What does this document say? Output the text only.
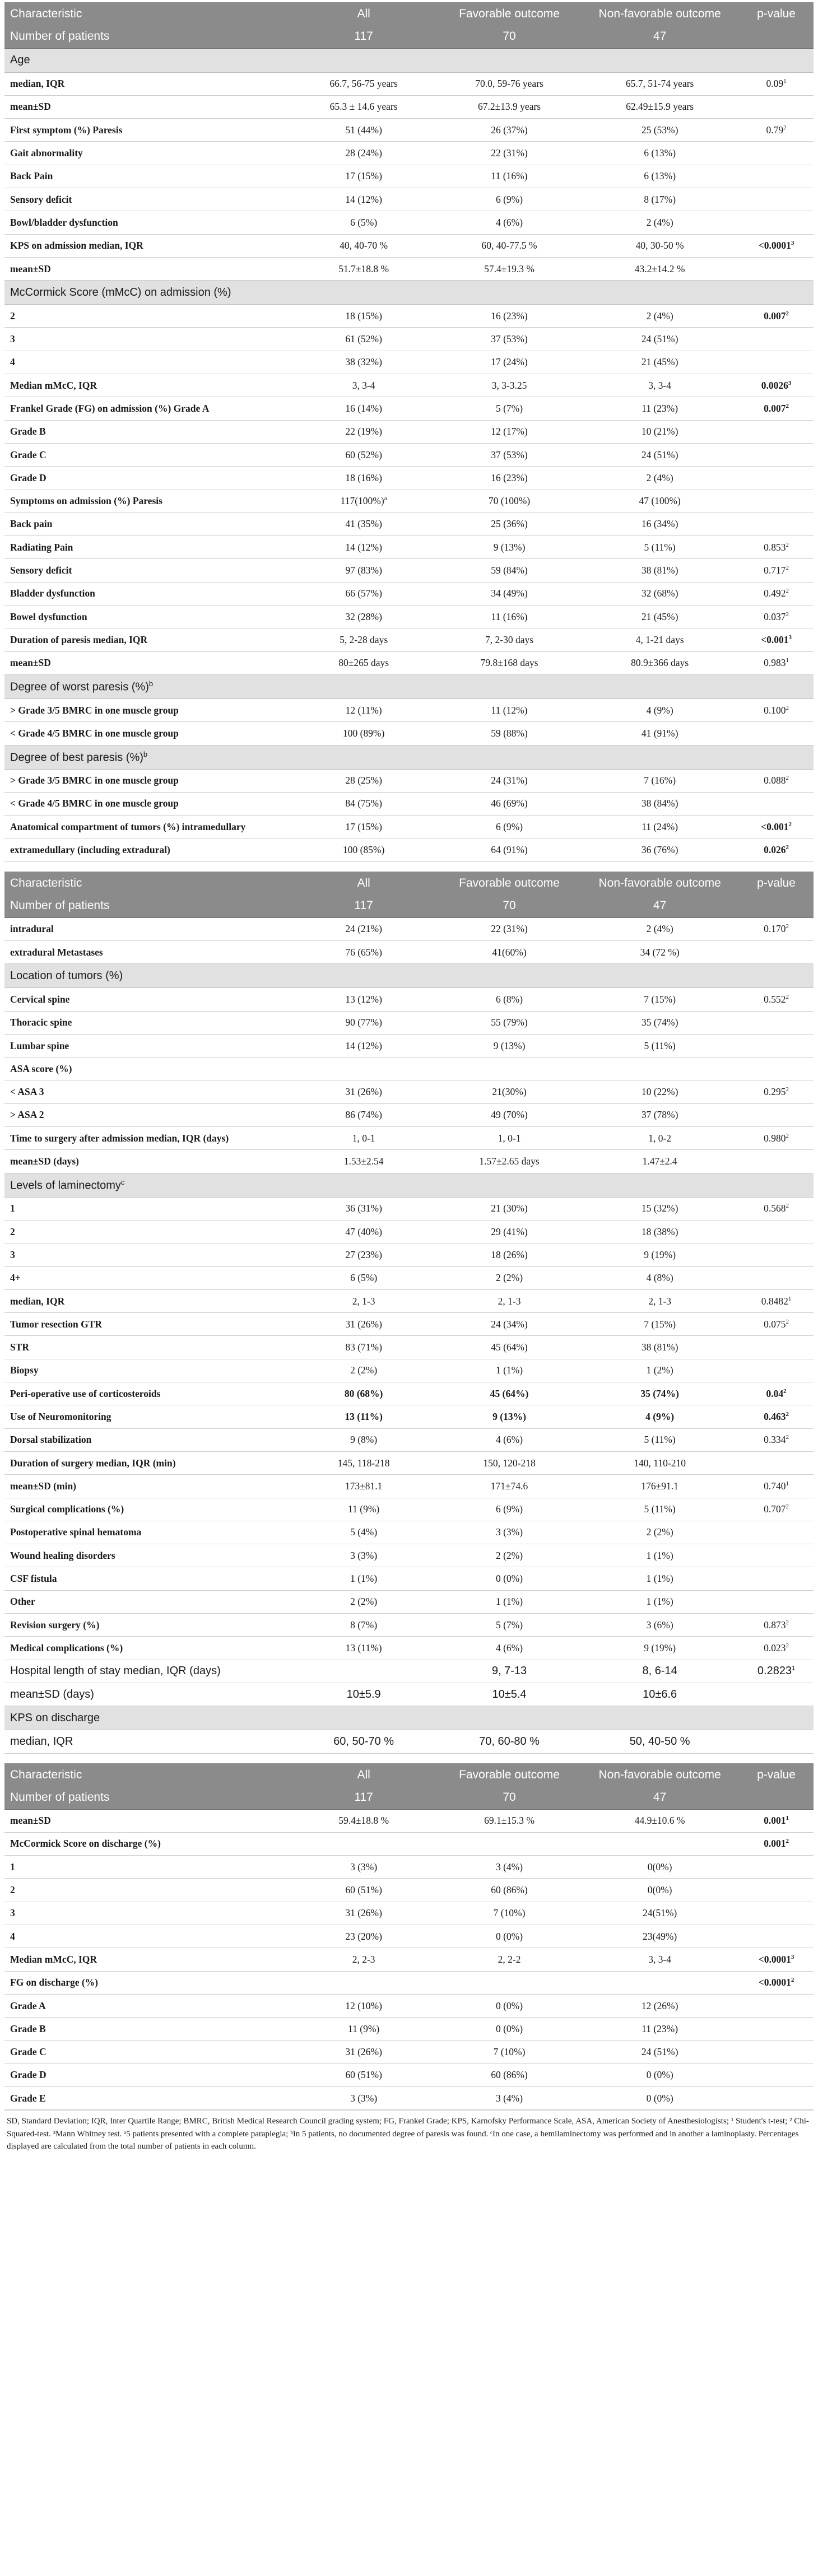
Characteristic	All	Favorable outcome	Non-favorable outcome	p-value
Number of patients	117	70	47	
Age				
median, IQR	66.7, 56-75 years	70.0, 59-76 years	65.7, 51-74 years	0.09$^1$
mean±SD	65.3 ± 14.6 years	67.2±13.9 years	62.49±15.9 years	
First symptom (%) Paresis	51 (44%)	26 (37%)	25 (53%)	0.79$^2$
Gait abnormality	28 (24%)	22 (31%)	6 (13%)	
Back Pain	17 (15%)	11 (16%)	6 (13%)	
Sensory deficit	14 (12%)	6 (9%)	8 (17%)	
Bowl/bladder dysfunction	6 (5%)	4 (6%)	2 (4%)	
KPS on admission median, IQR	40, 40-70 %	60, 40-77.5 %	40, 30-50 %	$<0.0001^3$
mean±SD	51.7±18.8 %	57.4±19.3 %	43.2±14.2 %	
McCormick Score (mMcC) on admission (%)				
2	18 (15%)	16 (23%)	2 (4%)	0.007$^2$
3	61 (52%)	37 (53%)	24 (51%)	
4	38 (32%)	17 (24%)	21 (45%)	
Median mMcC, IQR	3, 3-4	3, 3-3.25	3, 3-4	0.0026$^3$
Frankel Grade (FG) on admission (%) Grade A	16 (14%)	5 (7%)	11 (23%)	0.007$^2$
Grade B	22 (19%)	12 (17%)	10 (21%)	
Grade C	60 (52%)	37 (53%)	24 (51%)	
Grade D	18 (16%)	16 (23%)	2 (4%)	
Symptoms on admission (%) Paresis	$117(100\%)^a$	70 (100%)	47 (100%)	
Back pain	41 (35%)	25 (36%)	16 (34%)	
Radiating Pain	14 (12%)	9 (13%)	5 (11%)	0.853$^2$
Sensory deficit	97 (83%)	59 (84%)	38 (81%)	0.717$^2$
Bladder dysfunction	66 (57%)	34 (49%)	32 (68%)	0.492$^2$
Bowel dysfunction	32 (28%)	11 (16%)	21 (45%)	0.037$^2$
Duration of paresis median, IQR	5, 2-28 days	7, 2-30 days	4, 1-21 days	$<0.001^3$
mean±SD	80±265 days	79.8±168 days	80.9±366 days	0.983$^1$
Degree of worst paresis (%)$^b$
> Grade 3/5 BMRC in one muscle group	12 (11%)	11 (12%)	4 (9%)	$0.100^2$
< Grade 4/5 BMRC in one muscle group	100 (89%)	59 (88%)	41 (91%)	
Degree of best paresis (%)$^b$
> Grade 3/5 BMRC in one muscle group	28 (25%)	24 (31%)	7 (16%)	$0.088^2$
< Grade 4/5 BMRC in one muscle group	84 (75%)	46 (69%)	38 (84%)	
Anatomical compartment of tumors (%) intramedullary	17 (15%)	6 (9%)	11 (24%)	$<0.001^2$
extramedullary (including extradural)	100 (85%)	64 (91%)	36 (76%)	0.026$^2$

Characteristic	All	Favorable outcome	Non-favorable outcome	p-value
Number of patients	117	70	47	
intradural	24 (21%)	22 (31%)	2 (4%)	0.170$^2$
extradural Metastases	76 (65%)	41(60%)	34 (72 %)	
Location of tumors (%)				
Cervical spine	13 (12%)	6 (8%)	7 (15%)	0.552$^2$
Thoracic spine	90 (77%)	55 (79%)	35 (74%)	
Lumbar spine	14 (12%)	9 (13%)	5 (11%)	
ASA score (%)				
< ASA 3	31 (26%)	21(30%)	10 (22%)	$0.295^2$
> ASA 2	86 (74%)	49 (70%)	37 (78%)	
Time to surgery after admission median, IQR (days)	1, 0-1	1, 0-1	1, 0-2	0.980$^2$
mean±SD (days)	1.53±2.54	1.57±2.65 days	1.47±2.4	
Levels of laminectomy$^c$
1	36 (31%)	21 (30%)	15 (32%)	0.568$^2$
2	47 (40%)	29 (41%)	18 (38%)	
3	27 (23%)	18 (26%)	9 (19%)	
4+	6 (5%)	2 (2%)	4 (8%)	
median, IQR	2, 1-3	2, 1-3	2, 1-3	0.8482$^1$
Tumor resection GTR	31 (26%)	24 (34%)	7 (15%)	0.075$^2$
STR	83 (71%)	45 (64%)	38 (81%)	
Biopsy	2 (2%)	1 (1%)	1 (2%)	
Peri-operative use of corticosteroids	80 (68%)	45 (64%)	35 (74%)	0.04$^2$
Use of Neuromonitoring	13 (11%)	9 (13%)	4 (9%)	0.463$^2$
Dorsal stabilization	9 (8%)	4 (6%)	5 (11%)	0.334$^2$
Duration of surgery median, IQR (min)	145, 118-218	150, 120-218	140, 110-210	
mean±SD (min)	173±81.1	171±74.6	176±91.1	0.740$^1$
Surgical complications (%)	11 (9%)	6 (9%)	5 (11%)	0.707$^2$
Postoperative spinal hematoma	5 (4%)	3 (3%)	2 (2%)	
Wound healing disorders	3 (3%)	2 (2%)	1 (1%)	
CSF fistula	1 (1%)	0 (0%)	1 (1%)	
Other	2 (2%)	1 (1%)	1 (1%)	
Revision surgery (%)	8 (7%)	5 (7%)	3 (6%)	0.873$^2$
Medical complications (%)	13 (11%)	4 (6%)	9 (19%)	0.023$^2$
Hospital length of stay median, IQR (days)		9, 7-13	8, 6-14	0.2823$^1$
mean±SD (days)	10±5.9	10±5.4	10±6.6	
KPS on discharge				
median, IQR	60, 50-70 %	70, 60-80 %	50, 40-50 %	

Characteristic	All	Favorable outcome	Non-favorable outcome	p-value
Number of patients	117	70	47	
mean±SD	59.4±18.8 %	69.1±15.3 %	44.9±10.6 %	0.001$^1$
McCormick Score on discharge (%)				0.001$^2$
1	3 (3%)	3 (4%)	0(0%)	
2	60 (51%)	60 (86%)	0(0%)	
3	31 (26%)	7 (10%)	24(51%)	
4	23 (20%)	0 (0%)	23(49%)	
Median mMcC, IQR	2, 2-3	2, 2-2	3, 3-4	$<0.0001^3$
FG on discharge (%)				$<0.0001^2$
Grade A	12 (10%)	0 (0%)	12 (26%)	
Grade B	11 (9%)	0 (0%)	11 (23%)	
Grade C	31 (26%)	7 (10%)	24 (51%)	
Grade D	60 (51%)	60 (86%)	0 (0%)	
Grade E	3 (3%)	3 (4%)	0 (0%)	
SD, Standard Deviation; IQR, Inter Quartile Range; BMRC, British Medical Research Council grading system; FG, Frankel Grade; KPS, Karnofsky Performance Scale, ASA, American Society of Anesthesiologists; ¹ Student's t-test; ² Chi-Squared-test. ³Mann Whitney test. ᵃ5 patients presented with a complete paraplegia; ᵇIn 5 patients, no documented degree of paresis was found. ᶜIn one case, a hemilaminectomy was performed and in another a laminoplasty. Percentages displayed are calculated from the total number of patients in each column.
